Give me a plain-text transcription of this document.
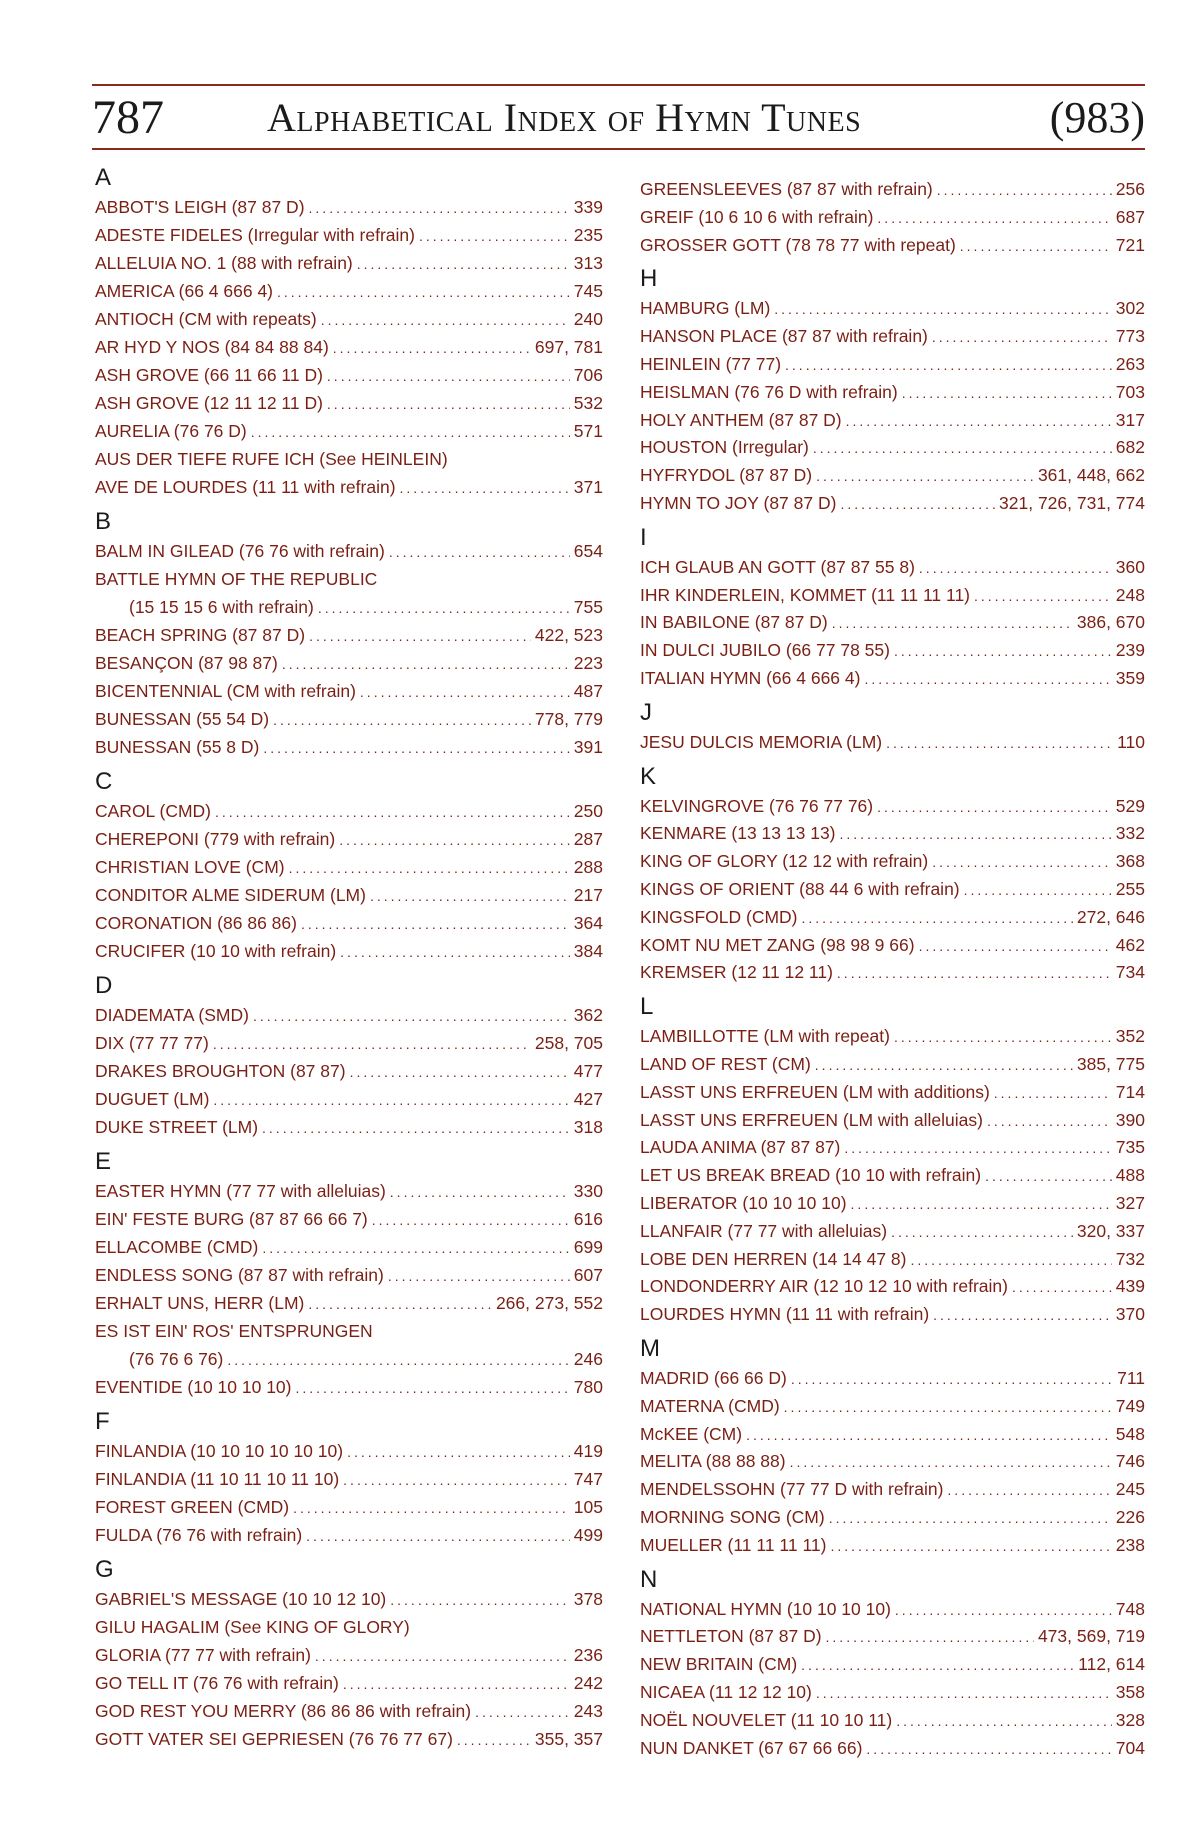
787	Alphabetical Index of Hymn Tunes	(983)
A
ABBOT'S LEIGH (87 87 D) .....	339
ADESTE FIDELES (Irregular with refrain) .....	235
ALLELUIA NO. 1 (88 with refrain) .....	313
AMERICA (66 4 666 4) .....	745
ANTIOCH (CM with repeats) .....	240
AR HYD Y NOS (84 84 88 84) .....	697, 781
ASH GROVE (66 11 66 11 D) .....	706
ASH GROVE (12 11 12 11 D) .....	532
AURELIA (76 76 D) .....	571
AUS DER TIEFE RUFE ICH (See HEINLEIN)
AVE DE LOURDES (11 11 with refrain) .....	371
B
BALM IN GILEAD (76 76 with refrain) .....	654
BATTLE HYMN OF THE REPUBLIC
(15 15 15 6 with refrain) .....	755
BEACH SPRING (87 87 D) .....	422, 523
BESANÇON (87 98 87) .....	223
BICENTENNIAL (CM with refrain) .....	487
BUNESSAN (55 54 D) .....	778, 779
BUNESSAN (55 8 D) .....	391
C
CAROL (CMD) .....	250
CHEREPONI (779 with refrain) .....	287
CHRISTIAN LOVE (CM) .....	288
CONDITOR ALME SIDERUM (LM) .....	217
CORONATION (86 86 86) .....	364
CRUCIFER (10 10 with refrain) .....	384
D
DIADEMATA (SMD) .....	362
DIX (77 77 77) .....	258, 705
DRAKES BROUGHTON (87 87) .....	477
DUGUET (LM) .....	427
DUKE STREET (LM) .....	318
E
EASTER HYMN (77 77 with alleluias) .....	330
EIN' FESTE BURG (87 87 66 66 7) .....	616
ELLACOMBE (CMD) .....	699
ENDLESS SONG (87 87 with refrain) .....	607
ERHALT UNS, HERR (LM) .....	266, 273, 552
ES IST EIN' ROS' ENTSPRUNGEN
(76 76 6 76) .....	246
EVENTIDE (10 10 10 10) .....	780
F
FINLANDIA (10 10 10 10 10 10) .....	419
FINLANDIA (11 10 11 10 11 10) .....	747
FOREST GREEN (CMD) .....	105
FULDA (76 76 with refrain) .....	499
G
GABRIEL'S MESSAGE (10 10 12 10) .....	378
GILU HAGALIM (See KING OF GLORY)
GLORIA (77 77 with refrain) .....	236
GO TELL IT (76 76 with refrain) .....	242
GOD REST YOU MERRY (86 86 86 with refrain) .....	243
GOTT VATER SEI GEPRIESEN (76 76 77 67) .....	355, 357
GREENSLEEVES (87 87 with refrain) .....	256
GREIF (10 6 10 6 with refrain) .....	687
GROSSER GOTT (78 78 77 with repeat) .....	721
H
HAMBURG (LM) .....	302
HANSON PLACE (87 87 with refrain) .....	773
HEINLEIN (77 77) .....	263
HEISLMAN (76 76 D with refrain) .....	703
HOLY ANTHEM (87 87 D) .....	317
HOUSTON (Irregular) .....	682
HYFRYDOL (87 87 D) .....	361, 448, 662
HYMN TO JOY (87 87 D) .....	321, 726, 731, 774
I
ICH GLAUB AN GOTT (87 87 55 8) .....	360
IHR KINDERLEIN, KOMMET (11 11 11 11) .....	248
IN BABILONE (87 87 D) .....	386, 670
IN DULCI JUBILO (66 77 78 55) .....	239
ITALIAN HYMN (66 4 666 4) .....	359
J
JESU DULCIS MEMORIA (LM) .....	110
K
KELVINGROVE (76 76 77 76) .....	529
KENMARE (13 13 13 13) .....	332
KING OF GLORY (12 12 with refrain) .....	368
KINGS OF ORIENT (88 44 6 with refrain) .....	255
KINGSFOLD (CMD) .....	272, 646
KOMT NU MET ZANG (98 98 9 66) .....	462
KREMSER (12 11 12 11) .....	734
L
LAMBILLOTTE (LM with repeat) .....	352
LAND OF REST (CM) .....	385, 775
LASST UNS ERFREUEN (LM with additions) .....	714
LASST UNS ERFREUEN (LM with alleluias) .....	390
LAUDA ANIMA (87 87 87) .....	735
LET US BREAK BREAD (10 10 with refrain) .....	488
LIBERATOR (10 10 10 10) .....	327
LLANFAIR (77 77 with alleluias) .....	320, 337
LOBE DEN HERREN (14 14 47 8) .....	732
LONDONDERRY AIR (12 10 12 10 with refrain) .....	439
LOURDES HYMN (11 11 with refrain) .....	370
M
MADRID (66 66 D) .....	711
MATERNA (CMD) .....	749
McKEE (CM) .....	548
MELITA (88 88 88) .....	746
MENDELSSOHN (77 77 D with refrain) .....	245
MORNING SONG (CM) .....	226
MUELLER (11 11 11 11) .....	238
N
NATIONAL HYMN (10 10 10 10) .....	748
NETTLETON (87 87 D) .....	473, 569, 719
NEW BRITAIN (CM) .....	112, 614
NICAEA (11 12 12 10) .....	358
NOËL NOUVELET (11 10 10 11) .....	328
NUN DANKET (67 67 66 66) .....	704
